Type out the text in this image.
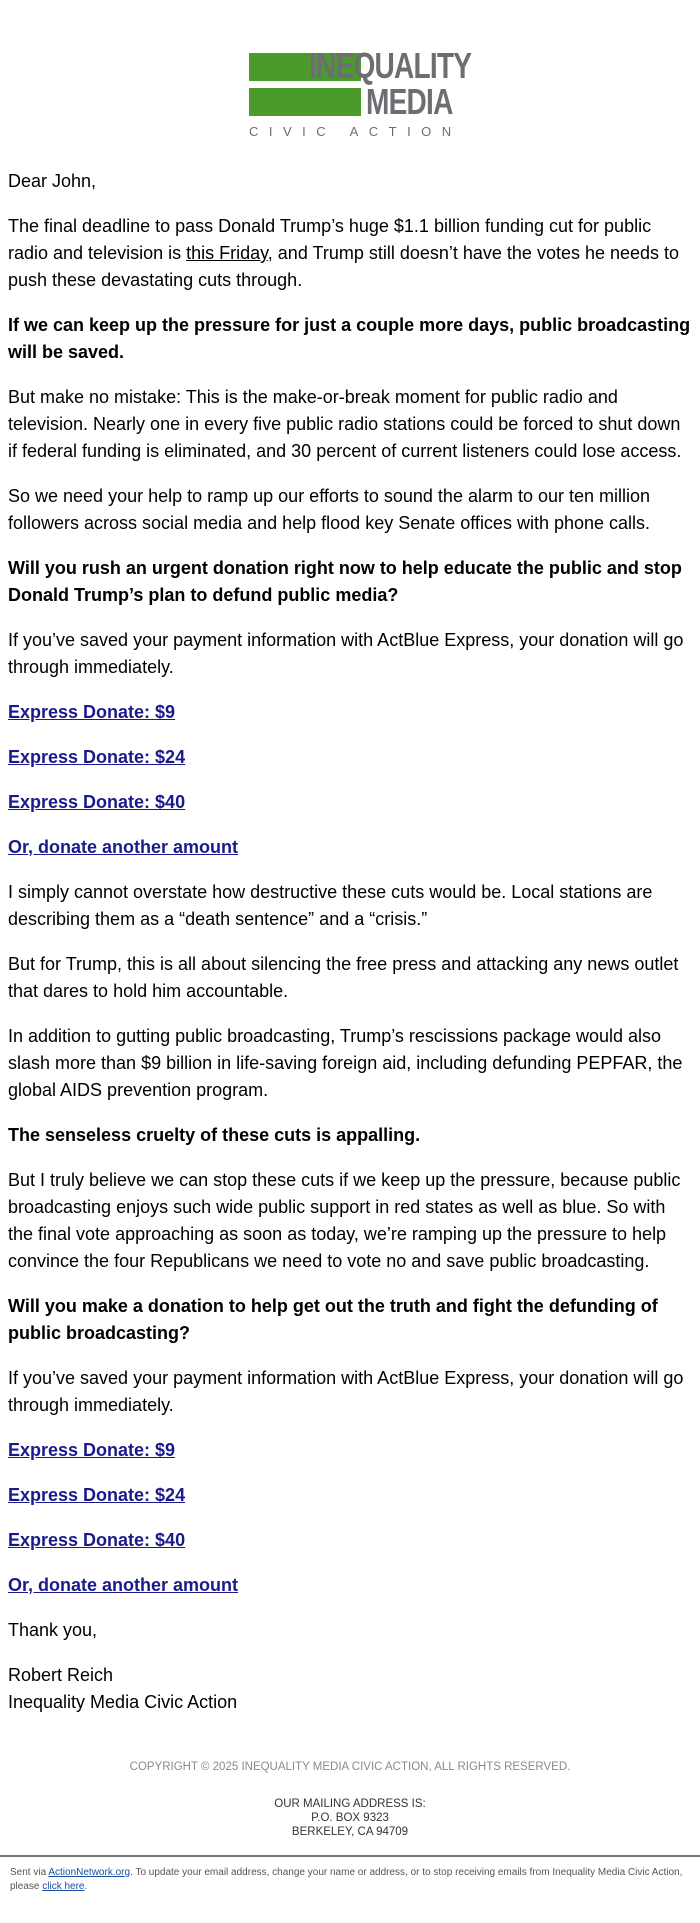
INEQUALITY
MEDIA
CIVIC ACTION

Dear John,

The final deadline to pass Donald Trump’s huge $1.1 billion funding cut for public radio and television is this Friday, and Trump still doesn’t have the votes he needs to push these devastating cuts through.

If we can keep up the pressure for just a couple more days, public broadcasting will be saved.

But make no mistake: This is the make-or-break moment for public radio and television. Nearly one in every five public radio stations could be forced to shut down if federal funding is eliminated, and 30 percent of current listeners could lose access.

So we need your help to ramp up our efforts to sound the alarm to our ten million followers across social media and help flood key Senate offices with phone calls.

Will you rush an urgent donation right now to help educate the public and stop Donald Trump’s plan to defund public media?

If you’ve saved your payment information with ActBlue Express, your donation will go through immediately.

Express Donate: $9

Express Donate: $24

Express Donate: $40

Or, donate another amount

I simply cannot overstate how destructive these cuts would be. Local stations are describing them as a “death sentence” and a “crisis.”

But for Trump, this is all about silencing the free press and attacking any news outlet that dares to hold him accountable.

In addition to gutting public broadcasting, Trump’s rescissions package would also slash more than $9 billion in life-saving foreign aid, including defunding PEPFAR, the global AIDS prevention program.

The senseless cruelty of these cuts is appalling.

But I truly believe we can stop these cuts if we keep up the pressure, because public broadcasting enjoys such wide public support in red states as well as blue. So with the final vote approaching as soon as today, we’re ramping up the pressure to help convince the four Republicans we need to vote no and save public broadcasting.

Will you make a donation to help get out the truth and fight the defunding of public broadcasting?

If you’ve saved your payment information with ActBlue Express, your donation will go through immediately.

Express Donate: $9

Express Donate: $24

Express Donate: $40

Or, donate another amount

Thank you,

Robert Reich
Inequality Media Civic Action
COPYRIGHT © 2025 INEQUALITY MEDIA CIVIC ACTION, ALL RIGHTS RESERVED.
OUR MAILING ADDRESS IS:
P.O. BOX 9323
BERKELEY, CA 94709
Sent via ActionNetwork.org. To update your email address, change your name or address, or to stop receiving emails from Inequality Media Civic Action, please click here.
